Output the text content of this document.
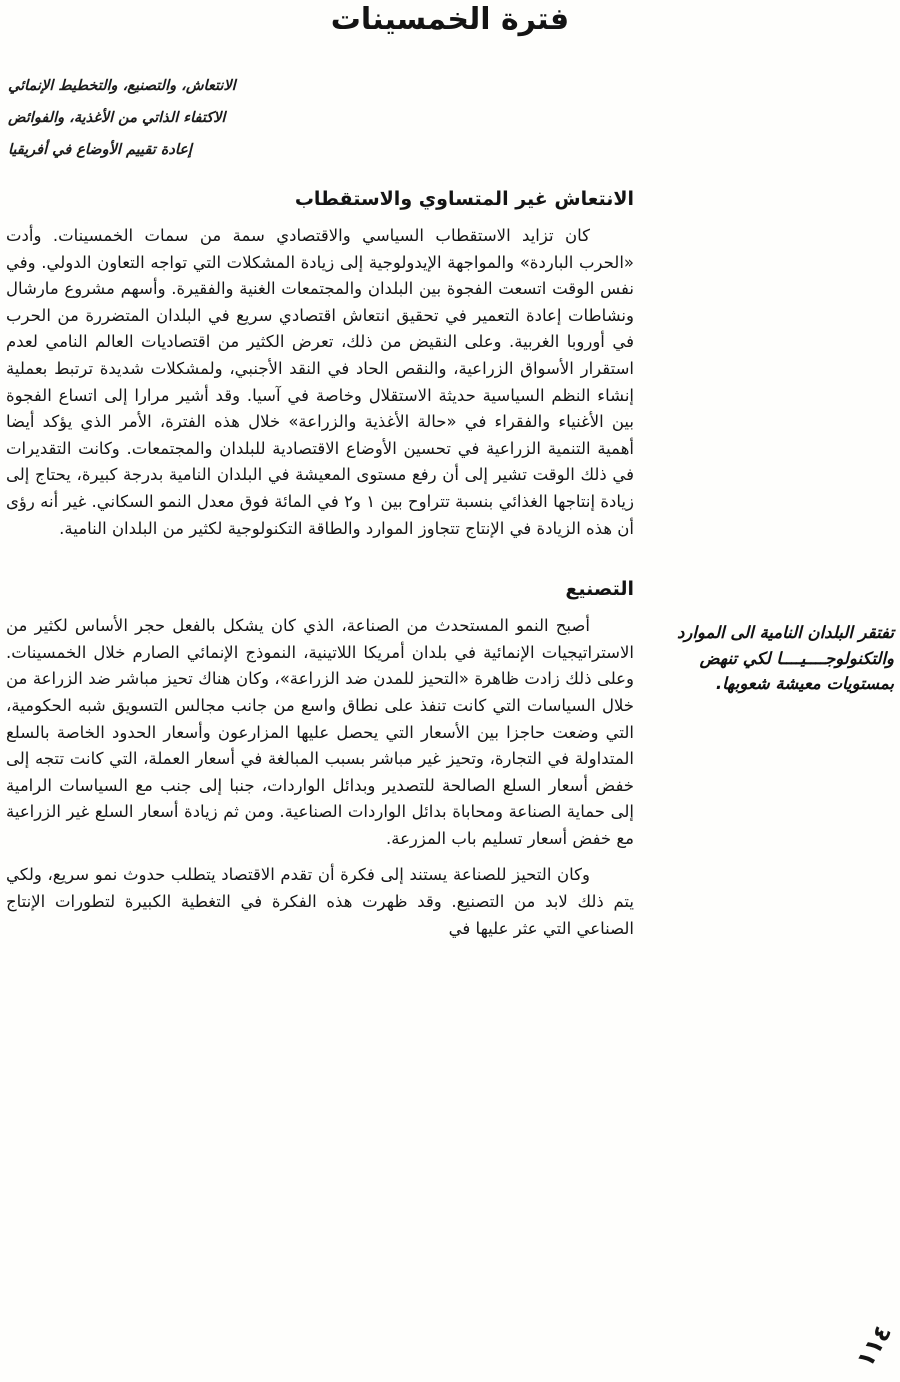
فترة الخمسينات
الانتعاش، والتصنيع، والتخطيط الإنمائي
الاكتفاء الذاتي من الأغذية، والفوائض
إعادة تقييم الأوضاع في أفريقيا
الانتعاش غير المتساوي والاستقطاب

كان تزايد الاستقطاب السياسي والاقتصادي سمة من سمات الخمسينات. وأدت «الحرب الباردة» والمواجهة الإيدولوجية إلى زيادة المشكلات التي تواجه التعاون الدولي. وفي نفس الوقت اتسعت الفجوة بين البلدان والمجتمعات الغنية والفقيرة. وأسهم مشروع مارشال ونشاطات إعادة التعمير في تحقيق انتعاش اقتصادي سريع في البلدان المتضررة من الحرب في أوروبا الغربية. وعلى النقيض من ذلك، تعرض الكثير من اقتصاديات العالم النامي لعدم استقرار الأسواق الزراعية، والنقص الحاد في النقد الأجنبي، ولمشكلات شديدة ترتبط بعملية إنشاء النظم السياسية حديثة الاستقلال وخاصة في آسيا. وقد أشير مرارا إلى اتساع الفجوة بين الأغنياء والفقراء في «حالة الأغذية والزراعة» خلال هذه الفترة، الأمر الذي يؤكد أيضا أهمية التنمية الزراعية في تحسين الأوضاع الاقتصادية للبلدان والمجتمعات. وكانت التقديرات في ذلك الوقت تشير إلى أن رفع مستوى المعيشة في البلدان النامية بدرجة كبيرة، يحتاج إلى زيادة إنتاجها الغذائي بنسبة تتراوح بين ١ و٢ في المائة فوق معدل النمو السكاني. غير أنه رؤى أن هذه الزيادة في الإنتاج تتجاوز الموارد والطاقة التكنولوجية لكثير من البلدان النامية.

التصنيع

أصبح النمو المستحدث من الصناعة، الذي كان يشكل بالفعل حجر الأساس لكثير من الاستراتيجيات الإنمائية في بلدان أمريكا اللاتينية، النموذج الإنمائي الصارم خلال الخمسينات. وعلى ذلك زادت ظاهرة «التحيز للمدن ضد الزراعة»، وكان هناك تحيز مباشر ضد الزراعة من خلال السياسات التي كانت تنفذ على نطاق واسع من جانب مجالس التسويق شبه الحكومية، التي وضعت حاجزا بين الأسعار التي يحصل عليها المزارعون وأسعار الحدود الخاصة بالسلع المتداولة في التجارة، وتحيز غير مباشر بسبب المبالغة في أسعار العملة، التي كانت تتجه إلى خفض أسعار السلع الصالحة للتصدير وبدائل الواردات، جنبا إلى جنب مع السياسات الرامية إلى حماية الصناعة ومحاباة بدائل الواردات الصناعية. ومن ثم زيادة أسعار السلع غير الزراعية مع خفض أسعار تسليم باب المزرعة.

وكان التحيز للصناعة يستند إلى فكرة أن تقدم الاقتصاد يتطلب حدوث نمو سريع، ولكي يتم ذلك لابد من التصنيع. وقد ظهرت هذه الفكرة في التغطية الكبيرة لتطورات الإنتاج الصناعي التي عثر عليها في

تفتقر البلدان النامية الى الموارد والتكنولوجــــيــــا لكي تنهض بمستويات معيشة شعوبها.
١١٤
